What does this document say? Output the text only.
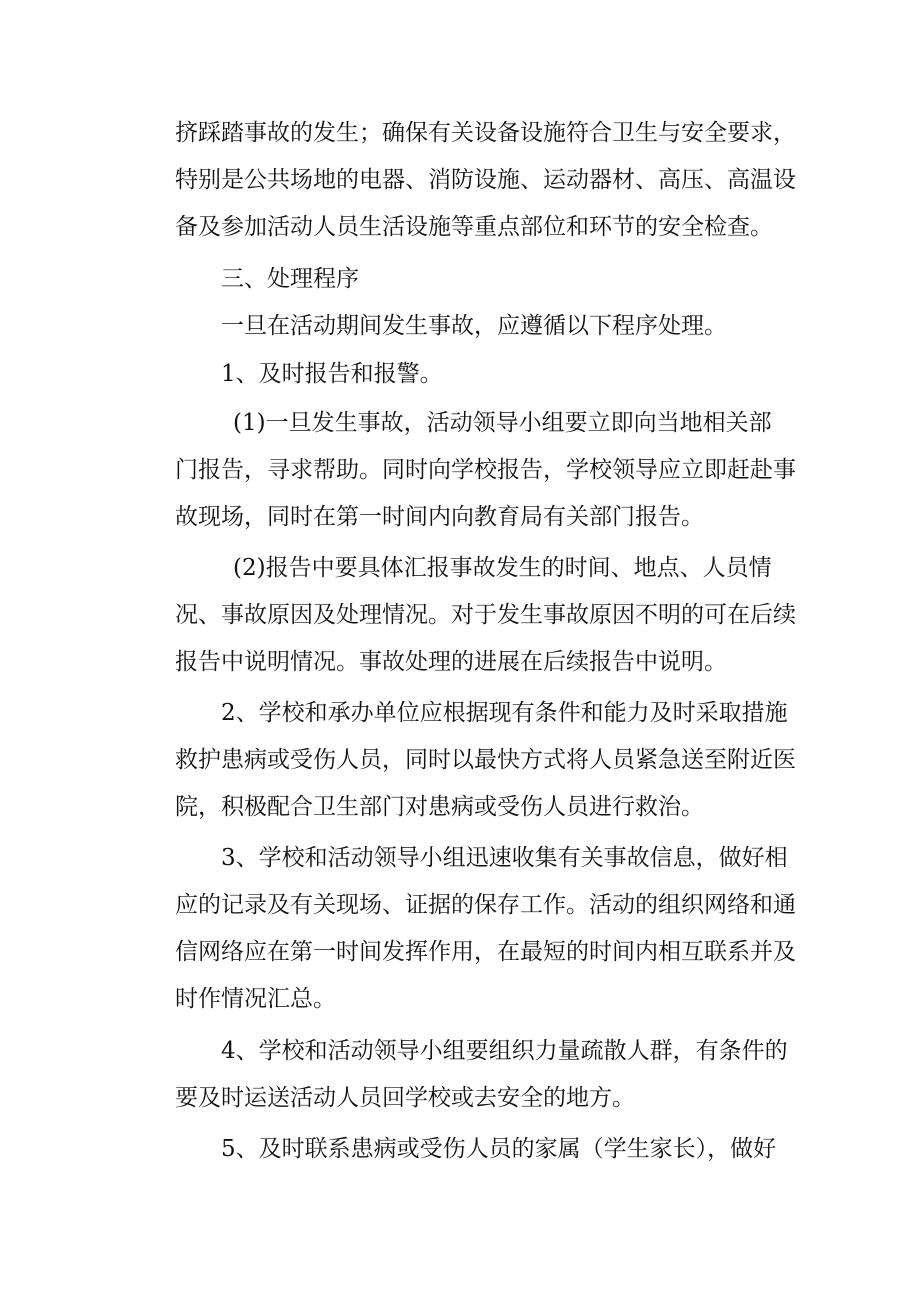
挤踩踏事故的发生；确保有关设备设施符合卫生与安全要求，
特别是公共场地的电器、消防设施、运动器材、高压、高温设
备及参加活动人员生活设施等重点部位和环节的安全检查。

三、处理程序

一旦在活动期间发生事故，应遵循以下程序处理。

1、及时报告和报警。

(1)一旦发生事故，活动领导小组要立即向当地相关部
门报告，寻求帮助。同时向学校报告，学校领导应立即赶赴事
故现场，同时在第一时间内向教育局有关部门报告。

(2)报告中要具体汇报事故发生的时间、地点、人员情
况、事故原因及处理情况。对于发生事故原因不明的可在后续
报告中说明情况。事故处理的进展在后续报告中说明。

2、学校和承办单位应根据现有条件和能力及时采取措施
救护患病或受伤人员，同时以最快方式将人员紧急送至附近医
院，积极配合卫生部门对患病或受伤人员进行救治。

3、学校和活动领导小组迅速收集有关事故信息，做好相
应的记录及有关现场、证据的保存工作。活动的组织网络和通
信网络应在第一时间发挥作用，在最短的时间内相互联系并及
时作情况汇总。

4、学校和活动领导小组要组织力量疏散人群，有条件的
要及时运送活动人员回学校或去安全的地方。

5、及时联系患病或受伤人员的家属（学生家长），做好
